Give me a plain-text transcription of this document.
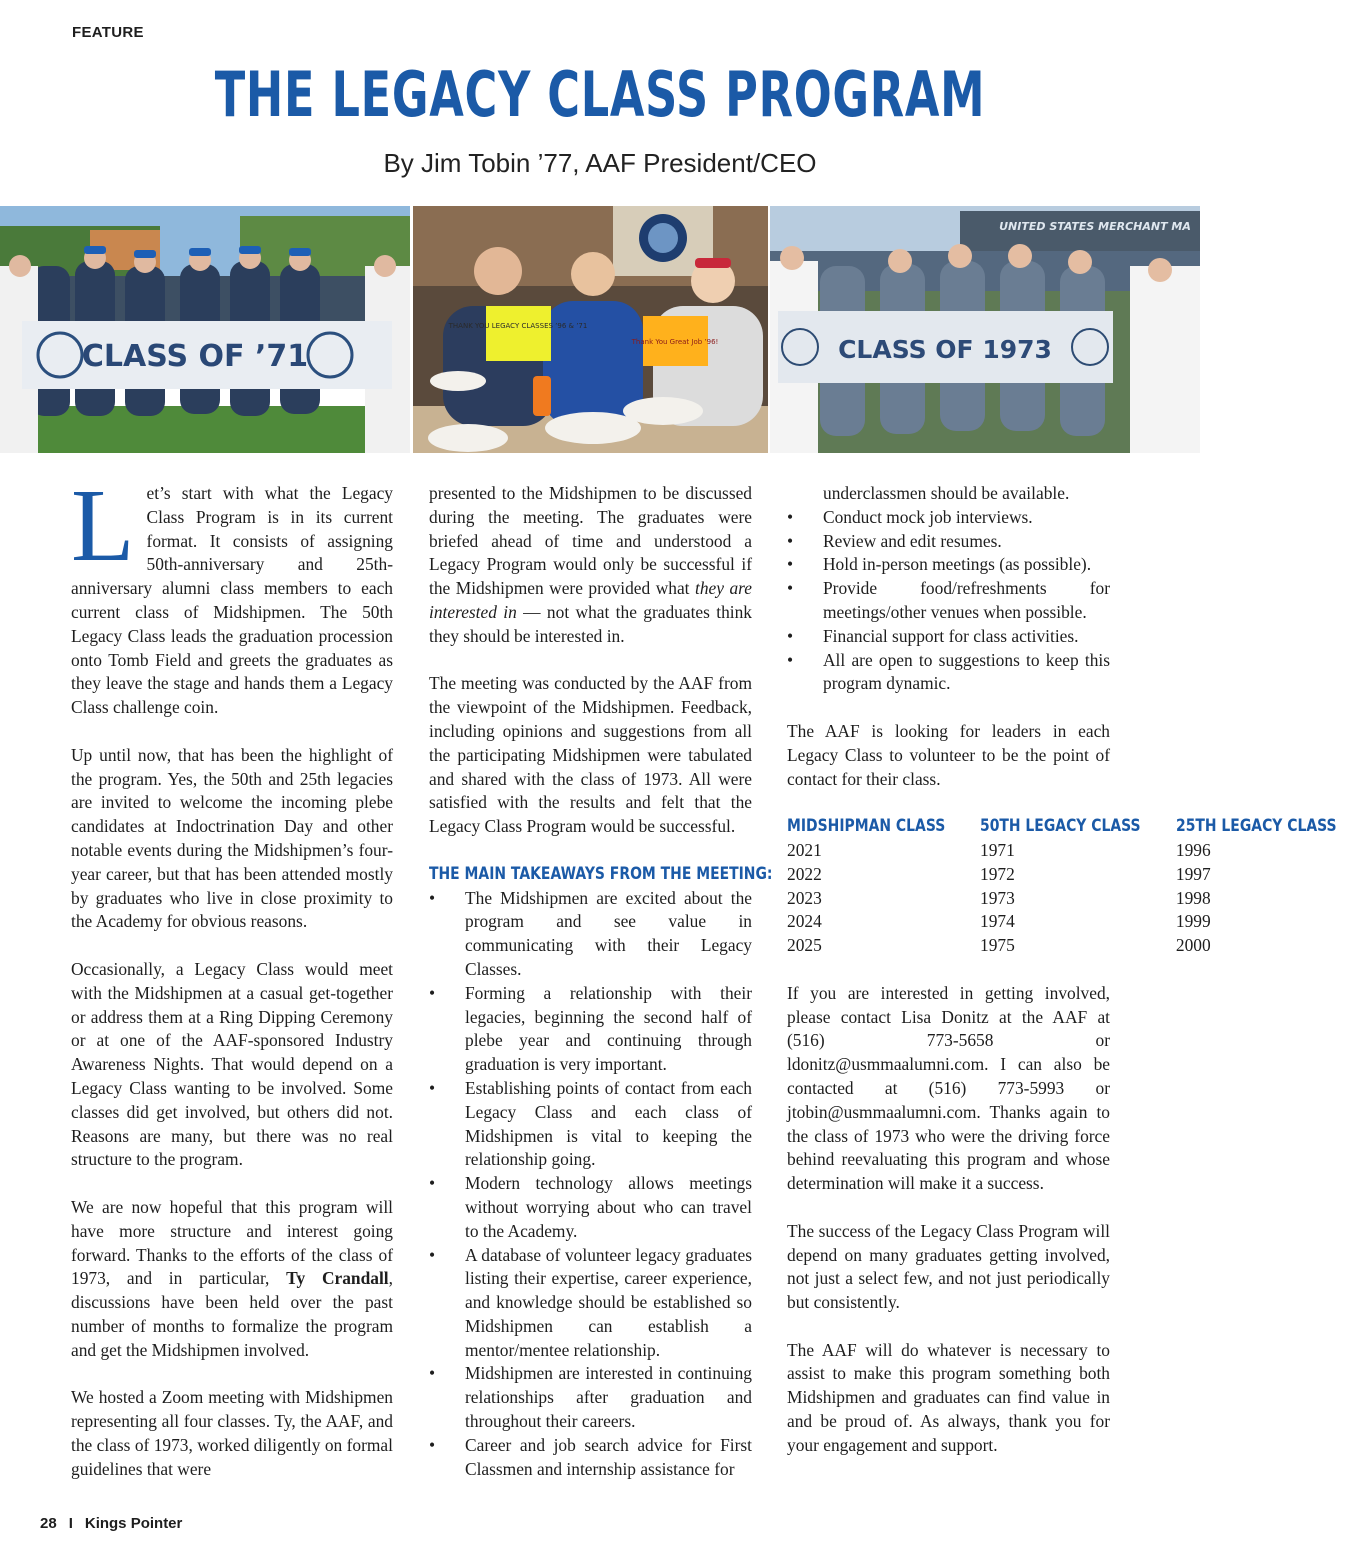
FEATURE
THE LEGACY CLASS PROGRAM
By Jim Tobin ’77, AAF President/CEO
CLASS OF ’71
THANK YOU LEGACY CLASSES ’96 & ’71
Thank You Great Job ’96!
UNITED STATES MERCHANT MA
CLASS OF 1973

Let’s start with what the Legacy Class Program is in its current format. It consists of assigning 50th-anniversary and 25th-anniversary alumni class members to each current class of Midshipmen. The 50th Legacy Class leads the graduation procession onto Tomb Field and greets the graduates as they leave the stage and hands them a Legacy Class challenge coin.

Up until now, that has been the highlight of the program. Yes, the 50th and 25th legacies are invited to welcome the incoming plebe candidates at Indoctrination Day and other notable events during the Midshipmen’s four-year career, but that has been attended mostly by graduates who live in close proximity to the Academy for obvious reasons.

Occasionally, a Legacy Class would meet with the Midshipmen at a casual get-together or address them at a Ring Dipping Ceremony or at one of the AAF-sponsored Industry Awareness Nights. That would depend on a Legacy Class wanting to be involved. Some classes did get involved, but others did not. Reasons are many, but there was no real structure to the program.

We are now hopeful that this program will have more structure and interest going forward. Thanks to the efforts of the class of 1973, and in particular, Ty Crandall, discussions have been held over the past number of months to formalize the program and get the Midshipmen involved.

We hosted a Zoom meeting with Midshipmen representing all four classes. Ty, the AAF, and the class of 1973, worked diligently on formal guidelines that were

presented to the Midshipmen to be discussed during the meeting. The graduates were briefed ahead of time and understood a Legacy Program would only be successful if the Midshipmen were provided what they are interested in — not what the graduates think they should be interested in.

The meeting was conducted by the AAF from the viewpoint of the Midshipmen. Feedback, including opinions and suggestions from all the participating Midshipmen were tabulated and shared with the class of 1973. All were satisfied with the results and felt that the Legacy Class Program would be successful.

THE MAIN TAKEAWAYS FROM THE MEETING:
• The Midshipmen are excited about the program and see value in communicating with their Legacy Classes.
• Forming a relationship with their legacies, beginning the second half of plebe year and continuing through graduation is very important.
• Establishing points of contact from each Legacy Class and each class of Midshipmen is vital to keeping the relationship going.
• Modern technology allows meetings without worrying about who can travel to the Academy.
• A database of volunteer legacy graduates listing their expertise, career experience, and knowledge should be established so Midshipmen can establish a mentor/mentee relationship.
• Midshipmen are interested in continuing relationships after graduation and throughout their careers.
• Career and job search advice for First Classmen and internship assistance for
underclassmen should be available.
• Conduct mock job interviews.
• Review and edit resumes.
• Hold in-person meetings (as possible).
• Provide food/refreshments for meetings/other venues when possible.
• Financial support for class activities.
• All are open to suggestions to keep this program dynamic.

The AAF is looking for leaders in each Legacy Class to volunteer to be the point of contact for their class.

MIDSHIPMAN CLASS	50TH LEGACY CLASS	25TH LEGACY CLASS

2021	1971	1996
2022	1972	1997
2023	1973	1998
2024	1974	1999
2025	1975	2000

If you are interested in getting involved, please contact Lisa Donitz at the AAF at (516) 773-5658 or ldonitz@usmmaalumni.com. I can also be contacted at (516) 773-5993 or jtobin@usmmaalumni.com. Thanks again to the class of 1973 who were the driving force behind reevaluating this program and whose determination will make it a success.

The success of the Legacy Class Program will depend on many graduates getting involved, not just a select few, and not just periodically but consistently.

The AAF will do whatever is necessary to assist to make this program something both Midshipmen and graduates can find value in and be proud of. As always, thank you for your engagement and support.

28 I Kings Pointer
